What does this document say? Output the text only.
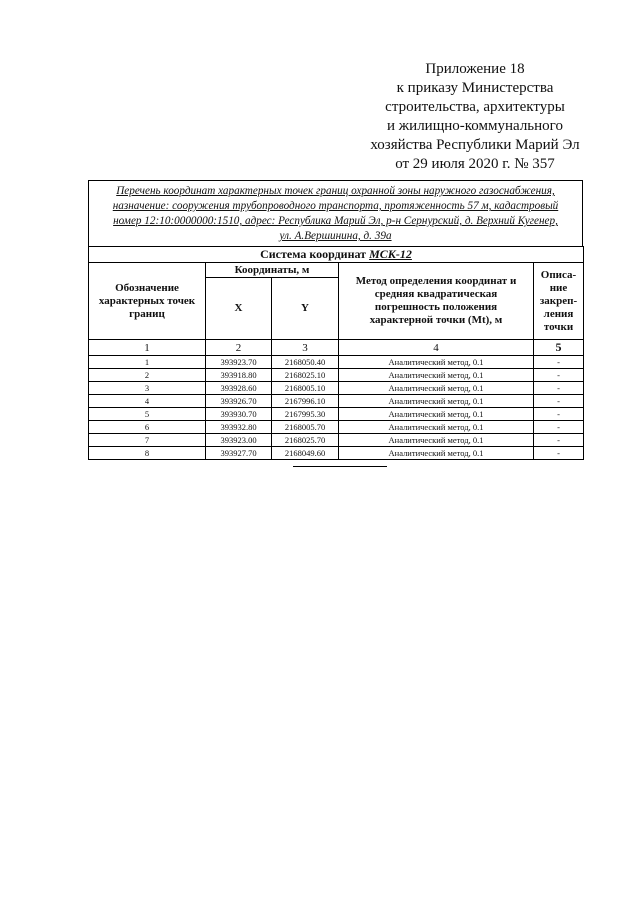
Приложение 18
к приказу Министерства
строительства, архитектуры
и жилищно-коммунального
хозяйства Республики Марий Эл
от 29 июля 2020 г. № 357
Перечень координат характерных точек границ охранной зоны наружного газоснабжения,
назначение: сооружения трубопроводного транспорта, протяженность 57 м, кадастровый
номер 12:10:0000000:1510, адрес: Республика Марий Эл, р-н Сернурский, д. Верхний Кугенер,
ул. А.Вершинина, д. 39а
Система координат МСК-12				
Обозначение характерных точек границ	Координаты, м		Метод определения координат и средняя квадратическая погрешность положения характерной точки (Mt), м	Описа-
ние
закреп-
ления
точки
	X	Y		
1	2	3	4	5
1	393923.70	2168050.40	Аналитический метод, 0.1	-
2	393918.80	2168025.10	Аналитический метод, 0.1	-
3	393928.60	2168005.10	Аналитический метод, 0.1	-
4	393926.70	2167996.10	Аналитический метод, 0.1	-
5	393930.70	2167995.30	Аналитический метод, 0.1	-
6	393932.80	2168005.70	Аналитический метод, 0.1	-
7	393923.00	2168025.70	Аналитический метод, 0.1	-
8	393927.70	2168049.60	Аналитический метод, 0.1	-
